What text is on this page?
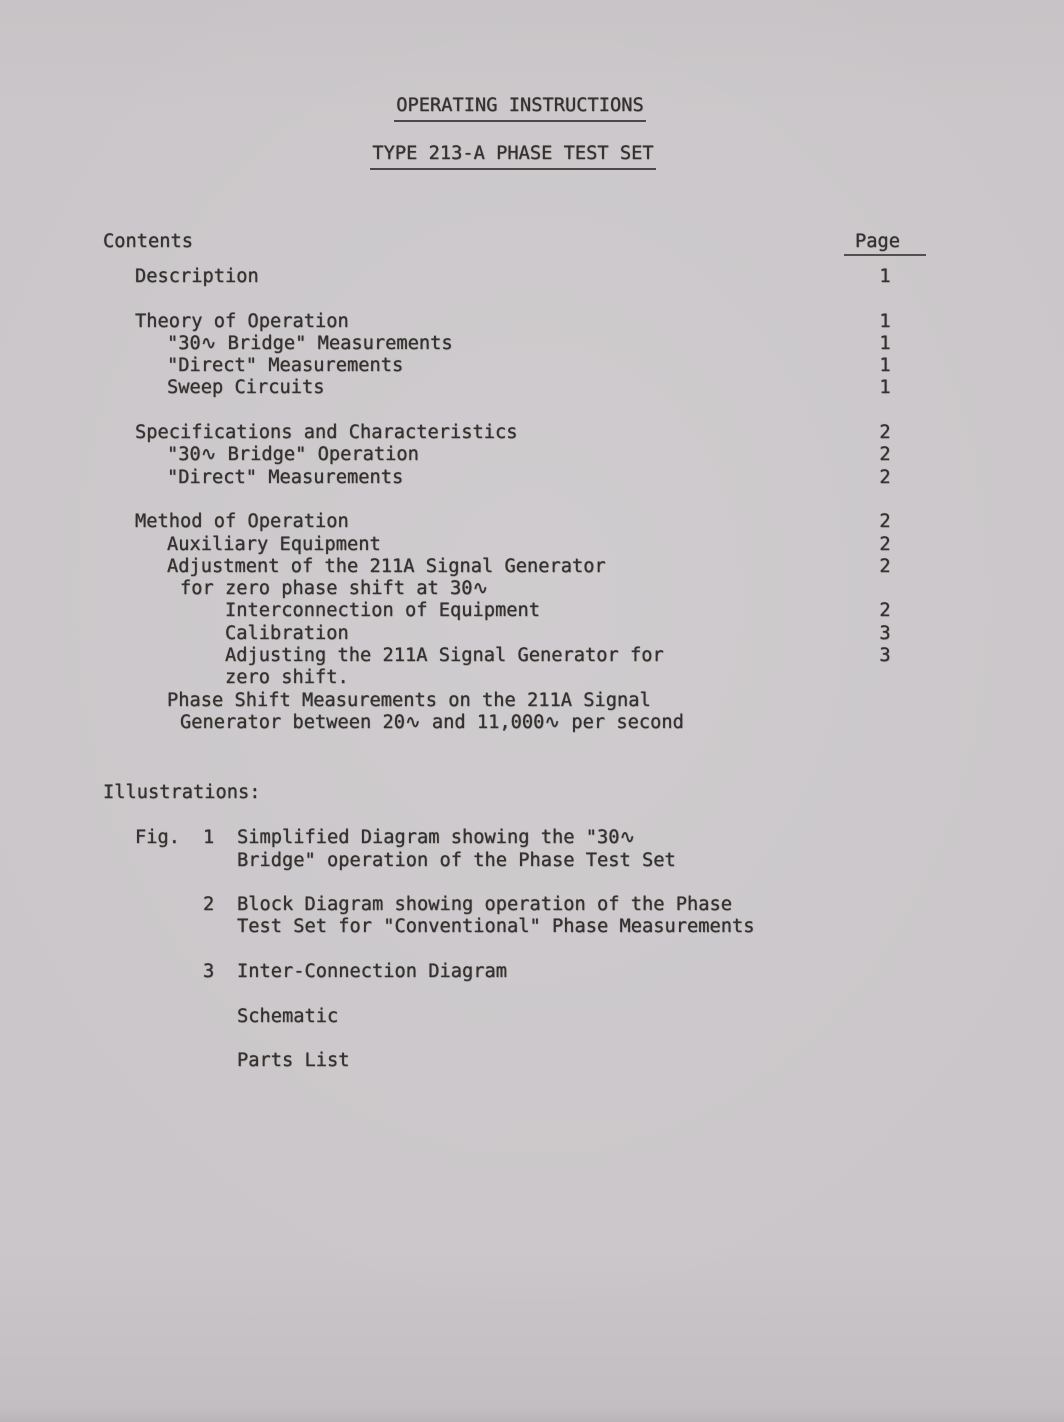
OPERATING INSTRUCTIONS
TYPE 213-A PHASE TEST SET
Contents	Page
Description	1
Theory of Operation	1
"30∿ Bridge" Measurements	1
"Direct" Measurements	1
Sweep Circuits	1
Specifications and Characteristics	2
"30∿ Bridge" Operation	2
"Direct" Measurements	2
Method of Operation	2
Auxiliary Equipment	2
Adjustment of the 211A Signal Generator	2
for zero phase shift at 30∿
Interconnection of Equipment	2
Calibration	3
Adjusting the 211A Signal Generator for	3
zero shift.
Phase Shift Measurements on the 211A Signal
Generator between 20∿ and 11,000∿ per second
Illustrations:
Fig.	1	Simplified Diagram showing the "30∿
Bridge" operation of the Phase Test Set
2	Block Diagram showing operation of the Phase
Test Set for "Conventional" Phase Measurements
3	Inter-Connection Diagram
Schematic
Parts List
